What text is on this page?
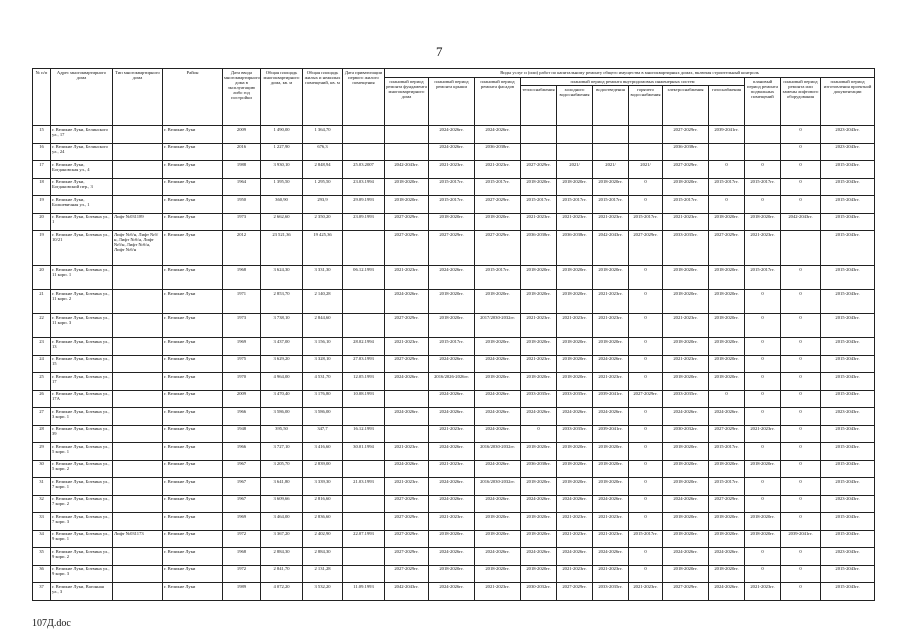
7
№ п/п	Адрес многоквартирного дома	Тип многоквартирного дома	Район	Дата ввода многоквартирного дома в эксплуатацию либо год постройки	Общая площадь многоквартирного дома, кв. м	Общая площадь жилых и нежилых помещений, кв. м	Дата приватизации первого жилого помещения	Виды услуг и (или) работ по капитальному ремонту общего имущества в многоквартирных домах, включая строительный контроль											
								плановый период ремонта фундамента многоквартирного дома	плановый период ремонта крыши	плановый период ремонта фасадов	плановый период ремонта внутридомовых инженерных систем						плановый период ремонта подвальных помещений	плановый период ремонта или замены лифтового оборудования	плановый период изготовления проектной документации
											теплоснабжения	холодного водоснабжения	водоотведения	горячего водоснабжения	электроснабжения	газоснабжения			
15	г. Великие Луки, Белинского ул., 17		г. Великие Луки	2009	1 490,00	1 364,70			2024-2026гг.	2024-2026гг.					2027-2029гг.	2039-2041гг.		0	2023-2043гг.
16	г. Великие Луки, Белинского ул., 24		г. Великие Луки	2016	1 227,90	676,3			2024-2026гг.	2036-2038гг.					2036-2038гг.			0	2023-2043гг.
17	г. Великие Луки, Богдановская ул., 4		г. Великие Луки	1988	3 930,10	2 848,94	25.03.2007	2042-2043гг.	2021-2023гг.	2021-2023гг.	2027-2029гг.	2021/	2021/	2021/	2027-2029гг.	0	0	0	2015-2043гг.
18	г. Великие Луки, Богдановский пер., 3		г. Великие Луки	1964	1 395,50	1 295,50	23.03.1994	2018-2020гг.	2015-2017гг.	2015-2017гг.	2018-2020гг.	2018-2020гг.	2018-2020гг.	0	2018-2020гг.	2015-2017гг.	2015-2017гг.	0	2015-2043гг.
19	г. Великие Луки, Болшевичная ул., 1		г. Великие Луки	1950	360,90	293,9	29.09.1993	2018-2020гг.	2015-2017гг.	2027-2029гг.	2015-2017гг.	2015-2017гг.	2015-2017гг.	0	2015-2017гг.	0	0	0	2015-2043гг.
20	г. Великие Луки, Ботвина ул., 1	Лифт №031189	г. Великие Луки	1973	2 662,60	2 350,20	23.09.1993	2027-2029гг.	2018-2020гг.	2018-2020гг.	2021-2023гг.	2021-2023гг.	2021-2023гг.	2015-2017гг.	2021-2023гг.	2018-2020гг.	2018-2020гг.	2042-2043гг.	2015-2043гг.
19	г. Великие Луки, Ботвина ул., 10/21	Лифт №б/н, Лифт №б/н, Лифт №б/н, Лифт №б/н, Лифт №б/н, Лифт №б/н	г. Великие Луки	2012	23 521,36	19 425,36		2027-2029гг.	2027-2029гг.	2027-2029гг.	2036-2038гг.	2036-2038гг.	2042-2043гг.	2027-2029гг.	2033-2035гг.	2027-2029гг.	2021-2023гг.		2015-2043гг.
20	г. Великие Луки, Ботвина ул., 11 корп. 1		г. Великие Луки	1968	3 624,30	3 331,30	06.12.1993	2021-2023гг.	2024-2026гг.	2015-2017гг.	2018-2020гг.	2018-2020гг.	2018-2020гг.	0	2018-2020гг.	2018-2020гг.	2015-2017гг.	0	2015-2043гг.
21	г. Великие Луки, Ботвина ул., 11 корп. 2		г. Великие Луки	1971	2 853,70	2 140,28		2024-2026гг.	2018-2020гг.	2018-2020гг.	2018-2020гг.	2018-2020гг.	2021-2023гг.	0	2018-2020гг.	2018-2020гг.	0	0	2015-2043гг.
22	г. Великие Луки, Ботвина ул., 11 корп. 3		г. Великие Луки	1973	3 738,10	2 844,60		2027-2029гг.	2018-2020гг.	2017/2030-2032гг.	2021-2023гг.	2021-2023гг.	2021-2023гг.	0	2021-2023гг.	2018-2020гг.	0	0	2015-2043гг.
23	г. Великие Луки, Ботвина ул., 13		г. Великие Луки	1969	3 437,00	3 156,10	28.02.1994	2021-2023гг.	2015-2017гг.	2018-2020гг.	2018-2020гг.	2018-2020гг.	2018-2020гг.	0	2018-2020гг.	2018-2020гг.	0	0	2015-2043гг.
24	г. Великие Луки, Ботвина ул., 15		г. Великие Луки	1975	3 629,20	3 328,10	27.03.1993	2027-2029гг.	2024-2026гг.	2024-2026гг.	2021-2023гг.	2018-2020гг.	2024-2026гг.	0	2021-2023гг.	2018-2020гг.	0	0	2015-2043гг.
25	г. Великие Луки, Ботвина ул., 17		г. Великие Луки	1970	4 964,00	4 531,70	12.05.1993	2024-2026гг.	2016/2026-2026гг.	2018-2020гг.	2018-2020гг.	2018-2020гг.	2021-2023гг.	0	2018-2020гг.	2018-2020гг.	0	0	2015-2043гг.
26	г. Великие Луки, Ботвина ул., 17А		г. Великие Луки	2009	3 470,40	3 176,80	10.08.1993		2024-2026гг.	2024-2026гг.	2033-2035гг.	2033-2035гг.	2039-2041гг.	2027-2029гг.	2033-2035гг.	0	0	0	2015-2043гг.
27	г. Великие Луки, Ботвина ул., 3 корп. 1		г. Великие Луки	1966	3 586,00	3 586,00		2024-2026гг.	2024-2026гг.	2024-2026гг.	2024-2026гг.	2024-2026гг.	2024-2026гг.	0	2024-2026гг.	2024-2026гг.	0	0	2023-2043гг.
28	г. Великие Луки, Ботвина ул., 39		г. Великие Луки	1948	395,50	347,7	16.12.1993		2021-2023гг.	2024-2026гг.	0	2033-2035гг.	2039-2041гг.	0	2030-2032гг.	2027-2029гг.	2021-2023гг.	0	2015-2043гг.
29	г. Великие Луки, Ботвина ул., 5 корп. 1		г. Великие Луки	1966	3 727,10	3 416,60	30.01.1994	2021-2023гг.	2024-2026гг.	2016/2030-2032гг.	2018-2020гг.	2018-2020гг.	2018-2020гг.	0	2018-2020гг.	2015-2017гг.	0	0	2015-2043гг.
30	г. Великие Луки, Ботвина ул., 5 корп. 2		г. Великие Луки	1967	3 205,70	2 839,00		2024-2026гг.	2021-2023гг.	2024-2026гг.	2036-2038гг.	2018-2020гг.	2018-2020гг.	0	2018-2020гг.	2018-2020гг.	2018-2020гг.	0	2015-2043гг.
31	г. Великие Луки, Ботвина ул., 7 корп. 1		г. Великие Луки	1967	3 641,80	3 339,30	21.03.1993	2021-2023гг.	2024-2026гг.	2016/2030-2032гг.	2018-2020гг.	2018-2020гг.	2018-2020гг.	0	2018-2020гг.	2015-2017гг.	0	0	2015-2043гг.
32	г. Великие Луки, Ботвина ул., 7 корп. 2		г. Великие Луки	1967	3 609,66	2 816,60		2027-2029гг.	2024-2026гг.	2024-2026гг.	2024-2026гг.	2024-2026гг.	2024-2026гг.	0	2024-2026гг.	2027-2029гг.	0	0	2023-2043гг.
33	г. Великие Луки, Ботвина ул., 7 корп. 3		г. Великие Луки	1969	3 464,00	2 836,60		2027-2029гг.	2021-2023гг.	2018-2020гг.	2018-2020гг.	2021-2023гг.	2021-2023гг.	0	2018-2020гг.	2018-2020гг.	2018-2020гг.	0	2015-2043гг.
34	г. Великие Луки, Ботвина ул., 9 корп. 1	Лифт №031173	г. Великие Луки	1972	3 367,20	2 402,90	22.07.1993	2027-2029гг.	2018-2020гг.	2018-2020гг.	2018-2020гг.	2021-2023гг.	2021-2023гг.	2015-2017гг.	2018-2020гг.	2018-2020гг.	2018-2020гг.	2039-2041гг.	2015-2043гг.
35	г. Великие Луки, Ботвина ул., 9 корп. 2		г. Великие Луки	1968	2 884,30	2 884,30		2027-2029гг.	2024-2026гг.	2024-2026гг.	2024-2026гг.	2024-2026гг.	2024-2026гг.	0	2024-2026гг.	2024-2026гг.	0	0	2023-2043гг.
36	г. Великие Луки, Ботвина ул., 9 корп. 3		г. Великие Луки	1972	2 841,70	2 131,28		2027-2029гг.	2018-2020гг.	2018-2020гг.	2018-2020гг.	2021-2023гг.	2021-2023гг.	0	2018-2020гг.	2018-2020гг.	0	0	2015-2043гг.
37	г. Великие Луки, Вагонная ул., 3		г. Великие Луки	1989	4 072,20	3 532,20	11.09.1993	2042-2043гг.	2024-2026гг.	2021-2023гг.	2030-2032гг.	2027-2029гг.	2033-2035гг.	2021-2023гг.	2027-2029гг.	2024-2026гг.	2021-2023гг.	0	2015-2043гг.
107Д.doc
